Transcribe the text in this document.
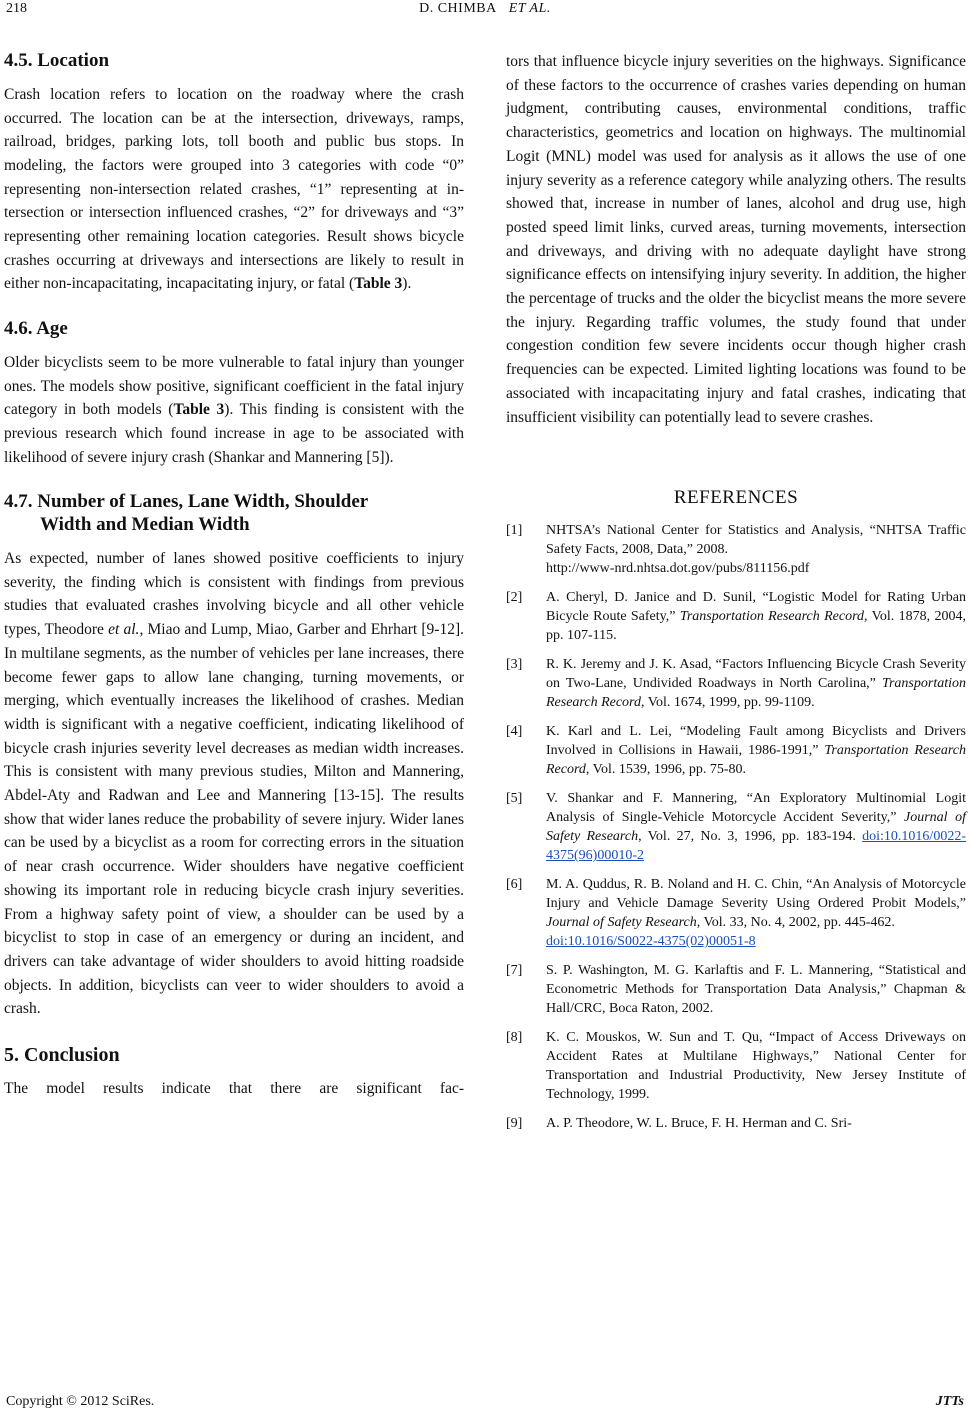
218	D. CHIMBA ET AL.
4.5. Location

Crash location refers to location on the roadway where the crash occurred. The location can be at the intersection, driveways, ramps, railroad, bridges, parking lots, toll booth and public bus stops. In modeling, the factors were grouped into 3 categories with code “0” representing non-intersection related crashes, “1” representing at intersection or intersection influenced crashes, “2” for driveways and “3” representing other remaining location categories. Result shows bicycle crashes occurring at driveways and intersections are likely to result in either non-incapacitating, incapacitating injury, or fatal (Table 3).

4.6. Age

Older bicyclists seem to be more vulnerable to fatal injury than younger ones. The models show positive, significant coefficient in the fatal injury category in both models (Table 3). This finding is consistent with the previous research which found increase in age to be associated with likelihood of severe injury crash (Shankar and Mannering [5]).

4.7. Number of Lanes, Lane Width, Shoulder
Width and Median Width

As expected, number of lanes showed positive coefficients to injury severity, the finding which is consistent with findings from previous studies that evaluated crashes involving bicycle and all other vehicle types, Theodore et al., Miao and Lump, Miao, Garber and Ehrhart [9-12]. In multilane segments, as the number of vehicles per lane increases, there become fewer gaps to allow lane changing, turning movements, or merging, which eventually increases the likelihood of crashes. Median width is significant with a negative coefficient, indicating likelihood of bicycle crash injuries severity level decreases as median width increases. This is consistent with many previous studies, Milton and Mannering, Abdel-Aty and Radwan and Lee and Mannering [13-15]. The results show that wider lanes reduce the probability of severe injury. Wider lanes can be used by a bicyclist as a room for correcting errors in the situation of near crash occurrence. Wider shoulders have negative coefficient showing its important role in reducing bicycle crash injury severities. From a highway safety point of view, a shoulder can be used by a bicyclist to stop in case of an emergency or during an incident, and drivers can take advantage of wider shoulders to avoid hitting roadside objects. In addition, bicyclists can veer to wider shoulders to avoid a crash.

5. Conclusion

The model results indicate that there are significant fac-

tors that influence bicycle injury severities on the highways. Significance of these factors to the occurrence of crashes varies depending on human judgment, contributing causes, environmental conditions, traffic characteristics, geometrics and location on highways. The multinomial Logit (MNL) model was used for analysis as it allows the use of one injury severity as a reference category while analyzing others. The results showed that, increase in number of lanes, alcohol and drug use, high posted speed limit links, curved areas, turning movements, intersection and driveways, and driving with no adequate daylight have strong significance effects on intensifying injury severity. In addition, the higher the percentage of trucks and the older the bicyclist means the more severe the injury. Regarding traffic volumes, the study found that under congestion condition few severe incidents occur though higher crash frequencies can be expected. Limited lighting locations was found to be associated with incapacitating injury and fatal crashes, indicating that insufficient visibility can potentially lead to severe crashes.

REFERENCES
[1] NHTSA’s National Center for Statistics and Analysis, “NHTSA Traffic Safety Facts, 2008, Data,” 2008.
http://www-nrd.nhtsa.dot.gov/pubs/811156.pdf
[2] A. Cheryl, D. Janice and D. Sunil, “Logistic Model for Rating Urban Bicycle Route Safety,” Transportation Research Record, Vol. 1878, 2004, pp. 107-115.
[3] R. K. Jeremy and J. K. Asad, “Factors Influencing Bicycle Crash Severity on Two-Lane, Undivided Roadways in North Carolina,” Transportation Research Record, Vol. 1674, 1999, pp. 99-1109.
[4] K. Karl and L. Lei, “Modeling Fault among Bicyclists and Drivers Involved in Collisions in Hawaii, 1986-1991,” Transportation Research Record, Vol. 1539, 1996, pp. 75-80.
[5] V. Shankar and F. Mannering, “An Exploratory Multinomial Logit Analysis of Single-Vehicle Motorcycle Accident Severity,” Journal of Safety Research, Vol. 27, No. 3, 1996, pp. 183-194. doi:10.1016/0022-4375(96)00010-2
[6] M. A. Quddus, R. B. Noland and H. C. Chin, “An Analysis of Motorcycle Injury and Vehicle Damage Severity Using Ordered Probit Models,” Journal of Safety Research, Vol. 33, No. 4, 2002, pp. 445-462.
doi:10.1016/S0022-4375(02)00051-8
[7] S. P. Washington, M. G. Karlaftis and F. L. Mannering, “Statistical and Econometric Methods for Transportation Data Analysis,” Chapman & Hall/CRC, Boca Raton, 2002.
[8] K. C. Mouskos, W. Sun and T. Qu, “Impact of Access Driveways on Accident Rates at Multilane Highways,” National Center for Transportation and Industrial Productivity, New Jersey Institute of Technology, 1999.
[9] A. P. Theodore, W. L. Bruce, F. H. Herman and C. Sri-
Copyright © 2012 SciRes.	JTTs
